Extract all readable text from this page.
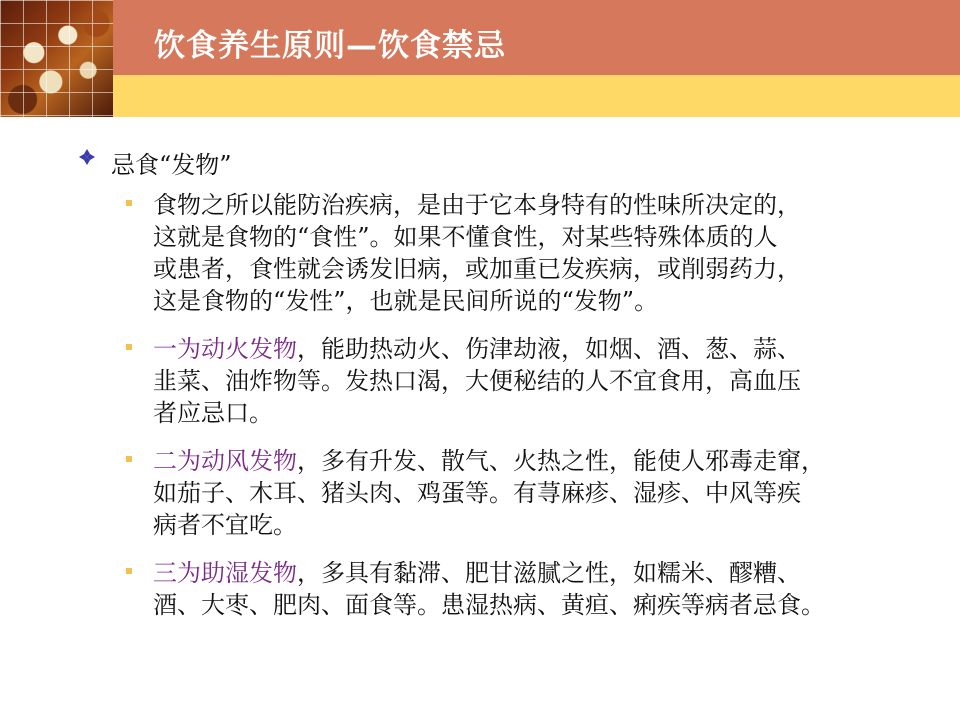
饮食养生原则—饮食禁忌
忌食“发物”
食物之所以能防治疾病，是由于它本身特有的性味所决定的，
这就是食物的“食性”。如果不懂食性，对某些特殊体质的人
或患者，食性就会诱发旧病，或加重已发疾病，或削弱药力，
这是食物的“发性”，也就是民间所说的“发物”。
一为动火发物，能助热动火、伤津劫液，如烟、酒、葱、蒜、
韭菜、油炸物等。发热口渴，大便秘结的人不宜食用，高血压
者应忌口。
二为动风发物，多有升发、散气、火热之性，能使人邪毒走窜，
如茄子、木耳、猪头肉、鸡蛋等。有荨麻疹、湿疹、中风等疾
病者不宜吃。
三为助湿发物，多具有黏滞、肥甘滋腻之性，如糯米、醪糟、
酒、大枣、肥肉、面食等。患湿热病、黄疸、痢疾等病者忌食。
